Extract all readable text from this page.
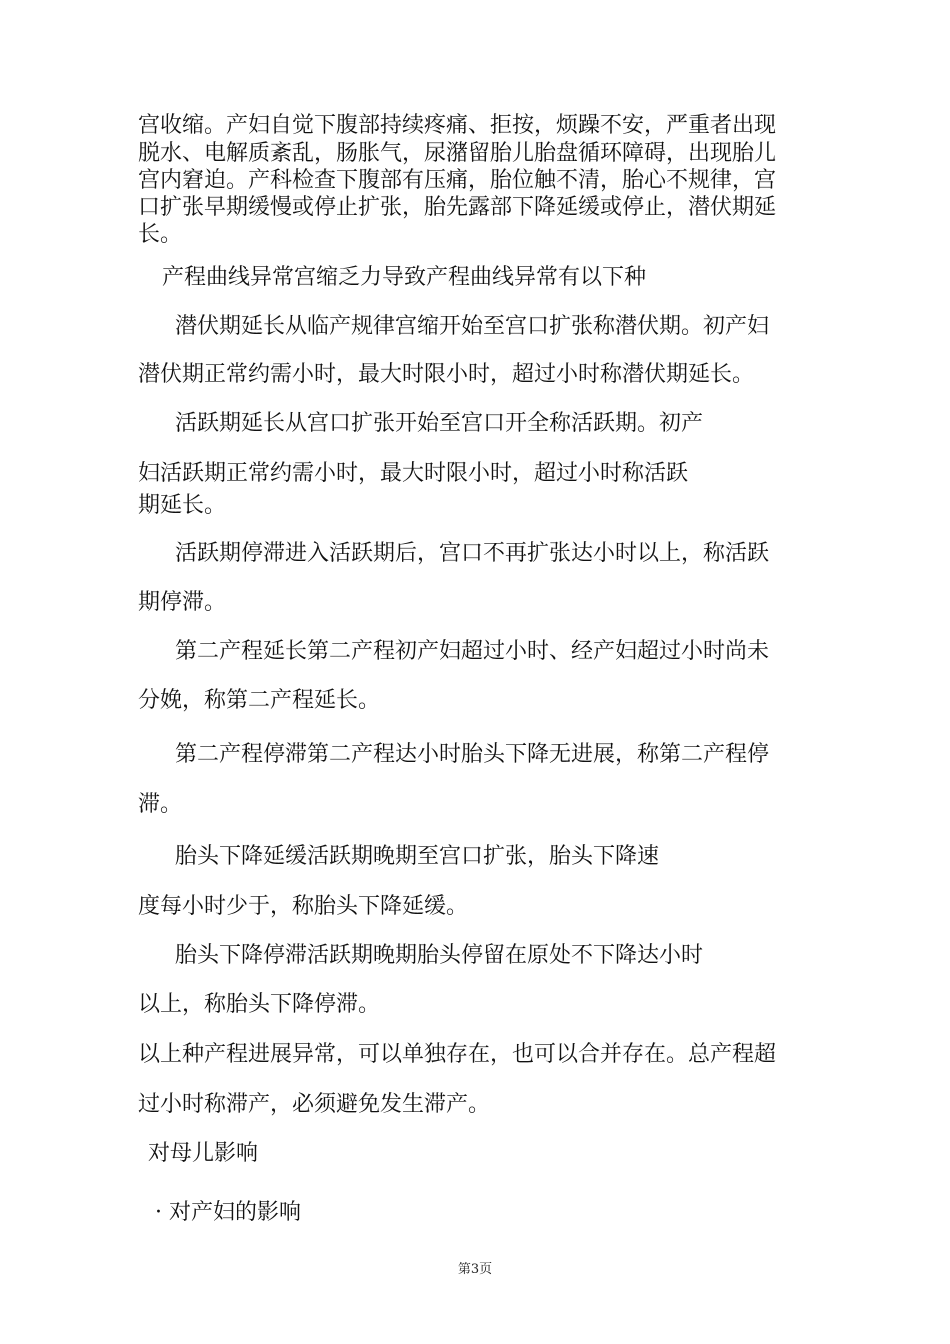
宫收缩。产妇自觉下腹部持续疼痛、拒按，烦躁不安，严重者出现
脱水、电解质紊乱，肠胀气，尿潴留胎儿胎盘循环障碍，出现胎儿
宫内窘迫。产科检查下腹部有压痛，胎位触不清，胎心不规律，宫
口扩张早期缓慢或停止扩张，胎先露部下降延缓或停止，潜伏期延
长。
产程曲线异常宫缩乏力导致产程曲线异常有以下种
潜伏期延长从临产规律宫缩开始至宫口扩张称潜伏期。初产妇
潜伏期正常约需小时，最大时限小时，超过小时称潜伏期延长。
活跃期延长从宫口扩张开始至宫口开全称活跃期。初产
妇活跃期正常约需小时，最大时限小时，超过小时称活跃
期延长。
活跃期停滞进入活跃期后，宫口不再扩张达小时以上，称活跃
期停滞。
第二产程延长第二产程初产妇超过小时、经产妇超过小时尚未
分娩，称第二产程延长。
第二产程停滞第二产程达小时胎头下降无进展，称第二产程停
滞。
胎头下降延缓活跃期晚期至宫口扩张，胎头下降速
度每小时少于，称胎头下降延缓。
胎头下降停滞活跃期晚期胎头停留在原处不下降达小时
以上，称胎头下降停滞。
以上种产程进展异常，可以单独存在，也可以合并存在。总产程超
过小时称滞产，必须避免发生滞产。
对母儿影响
· 对产妇的影响
第3页
